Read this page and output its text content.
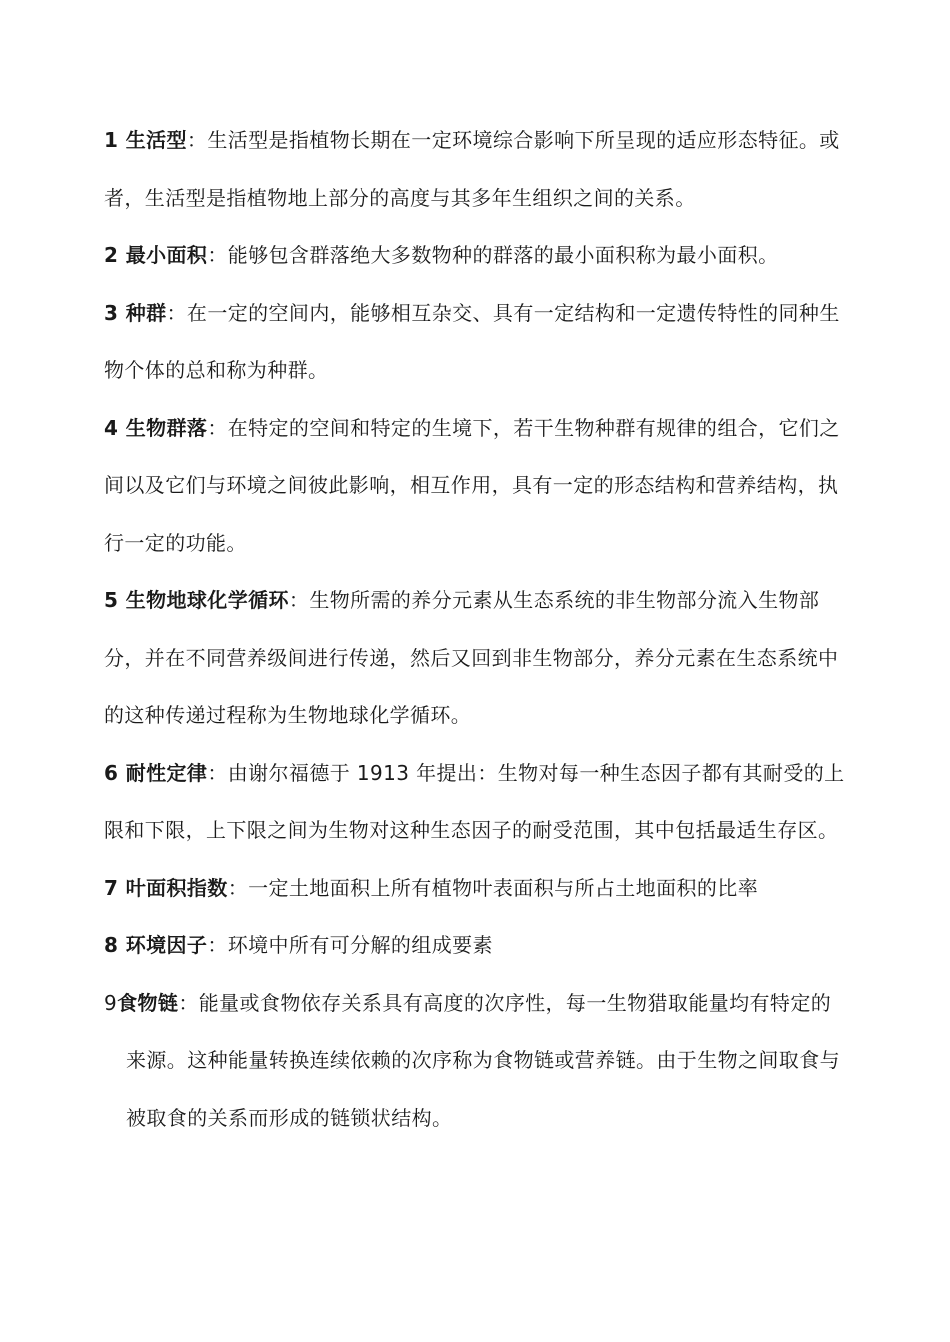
1 生活型：生活型是指植物长期在一定环境综合影响下所呈现的适应形态特征。或者，生活型是指植物地上部分的高度与其多年生组织之间的关系。

2 最小面积：能够包含群落绝大多数物种的群落的最小面积称为最小面积。

3 种群：在一定的空间内，能够相互杂交、具有一定结构和一定遗传特性的同种生物个体的总和称为种群。

4 生物群落：在特定的空间和特定的生境下，若干生物种群有规律的组合，它们之间以及它们与环境之间彼此影响，相互作用，具有一定的形态结构和营养结构，执行一定的功能。

5 生物地球化学循环：生物所需的养分元素从生态系统的非生物部分流入生物部分，并在不同营养级间进行传递，然后又回到非生物部分，养分元素在生态系统中的这种传递过程称为生物地球化学循环。

6 耐性定律：由谢尔福德于 1913 年提出：生物对每一种生态因子都有其耐受的上限和下限，上下限之间为生物对这种生态因子的耐受范围，其中包括最适生存区。

7 叶面积指数：一定土地面积上所有植物叶表面积与所占土地面积的比率

8 环境因子：环境中所有可分解的组成要素

9食物链：能量或食物依存关系具有高度的次序性，每一生物猎取能量均有特定的来源。这种能量转换连续依赖的次序称为食物链或营养链。由于生物之间取食与被取食的关系而形成的链锁状结构。
